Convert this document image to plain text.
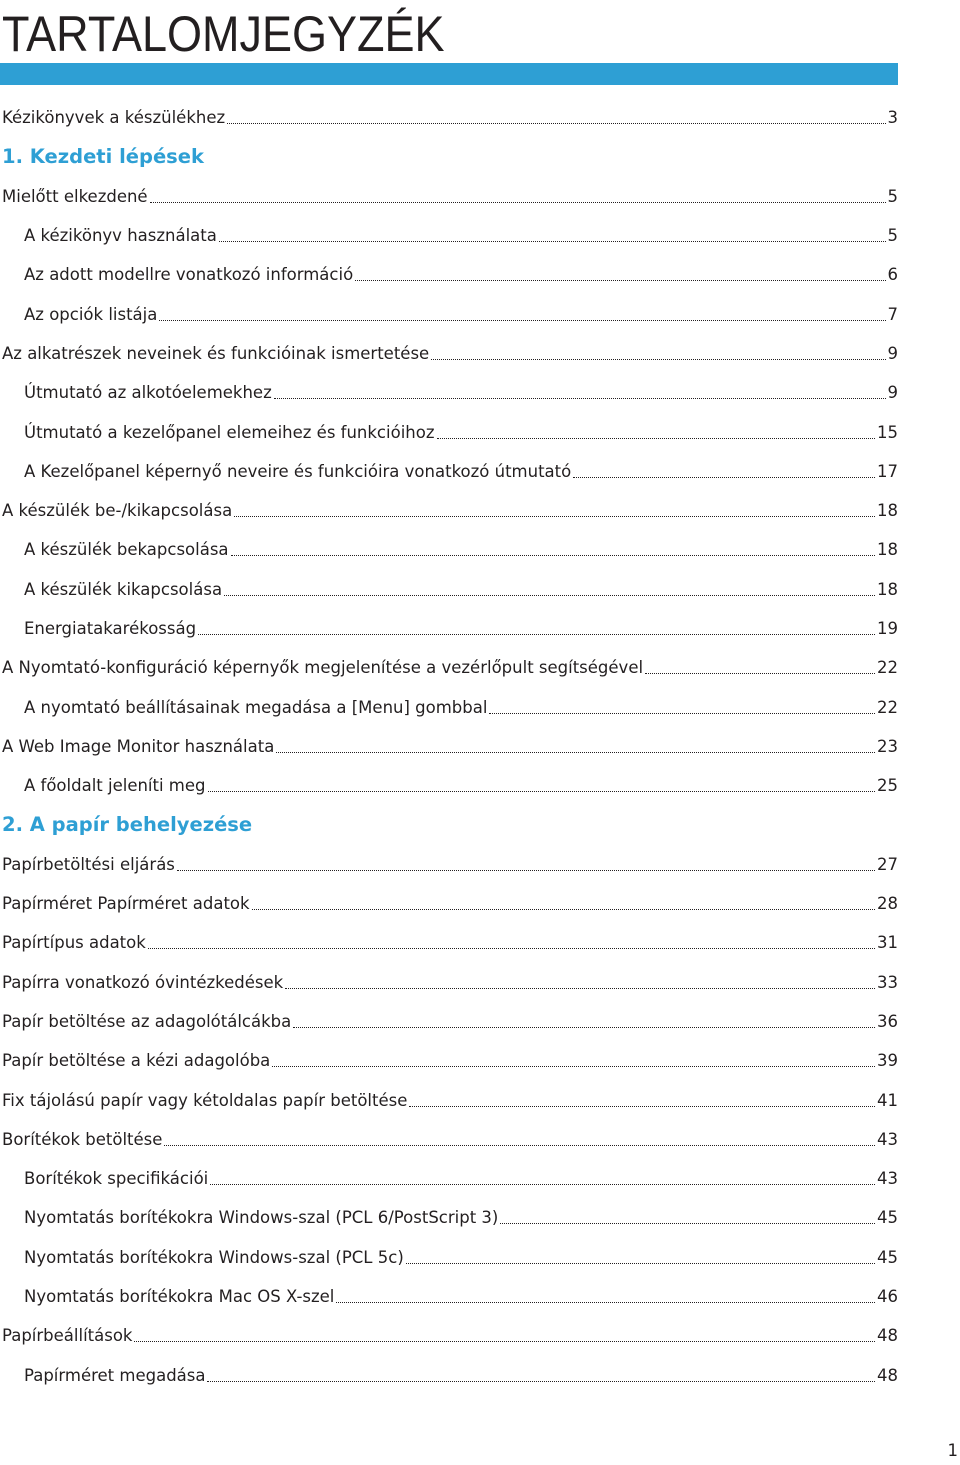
TARTALOMJEGYZÉK
Kézikönyvek a készülékhez	3
1. Kezdeti lépések
Mielőtt elkezdené	5
A kézikönyv használata	5
Az adott modellre vonatkozó információ	6
Az opciók listája	7
Az alkatrészek neveinek és funkcióinak ismertetése	9
Útmutató az alkotóelemekhez	9
Útmutató a kezelőpanel elemeihez és funkcióihoz	15
A Kezelőpanel képernyő neveire és funkcióira vonatkozó útmutató	17
A készülék be-/kikapcsolása	18
A készülék bekapcsolása	18
A készülék kikapcsolása	18
Energiatakarékosság	19
A Nyomtató-konfiguráció képernyők megjelenítése a vezérlőpult segítségével	22
A nyomtató beállításainak megadása a [Menu] gombbal	22
A Web Image Monitor használata	23
A főoldalt jeleníti meg	25
2. A papír behelyezése
Papírbetöltési eljárás	27
Papírméret Papírméret adatok	28
Papírtípus adatok	31
Papírra vonatkozó óvintézkedések	33
Papír betöltése az adagolótálcákba	36
Papír betöltése a kézi adagolóba	39
Fix tájolású papír vagy kétoldalas papír betöltése	41
Borítékok betöltése	43
Borítékok specifikációi	43
Nyomtatás borítékokra Windows-szal (PCL 6/PostScript 3)	45
Nyomtatás borítékokra Windows-szal (PCL 5c)	45
Nyomtatás borítékokra Mac OS X-szel	46
Papírbeállítások	48
Papírméret megadása	48
1
